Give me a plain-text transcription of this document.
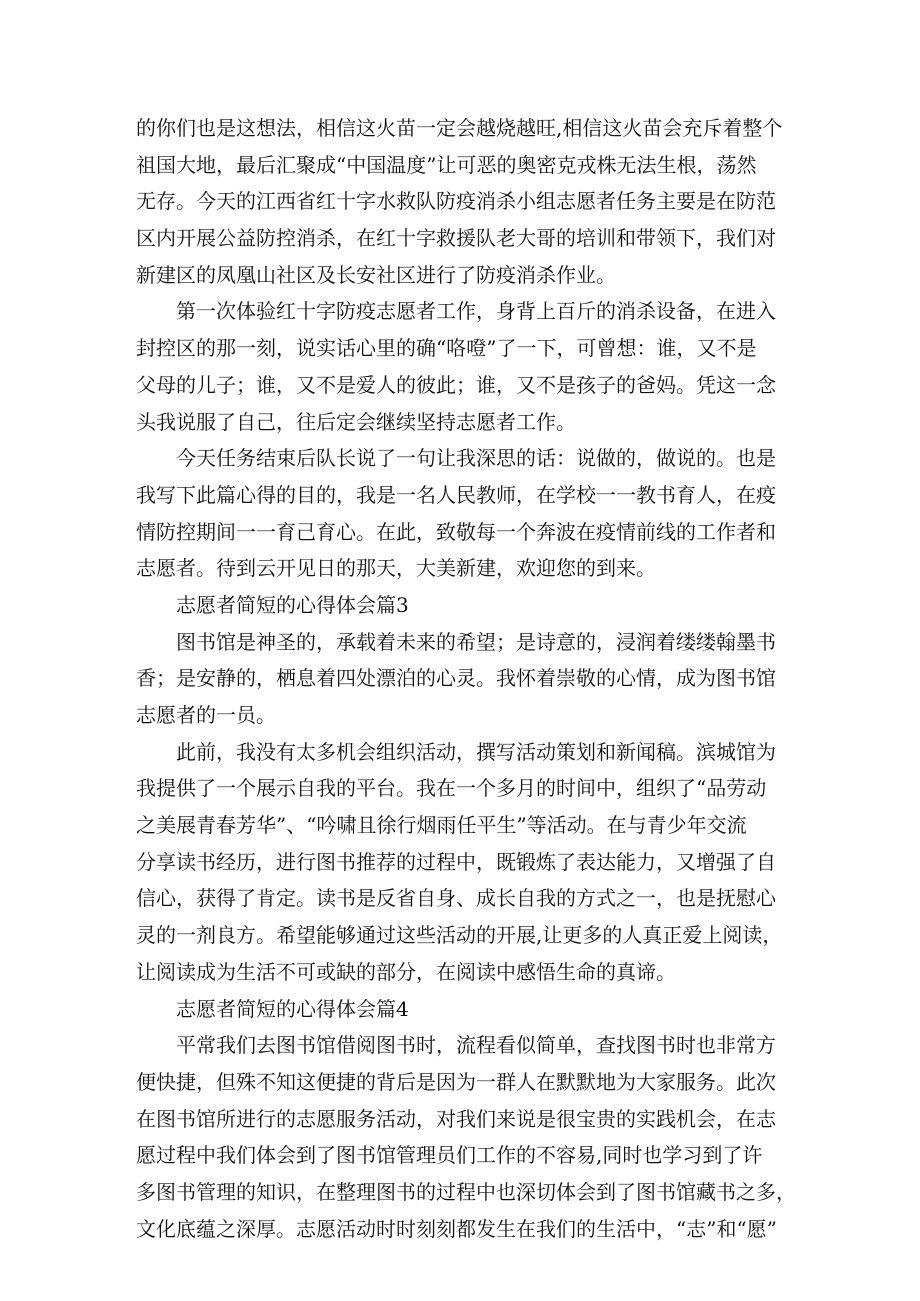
的你们也是这想法，相信这火苗一定会越烧越旺,相信这火苗会充斥着整个
祖国大地，最后汇聚成“中国温度”让可恶的奥密克戎株无法生根，荡然
无存。今天的江西省红十字水救队防疫消杀小组志愿者任务主要是在防范
区内开展公益防控消杀，在红十字救援队老大哥的培训和带领下，我们对
新建区的凤凰山社区及长安社区进行了防疫消杀作业。
第一次体验红十字防疫志愿者工作，身背上百斤的消杀设备，在进入
封控区的那一刻，说实话心里的确“咯噔”了一下，可曾想：谁，又不是
父母的儿子；谁，又不是爱人的彼此；谁，又不是孩子的爸妈。凭这一念
头我说服了自己，往后定会继续坚持志愿者工作。
今天任务结束后队长说了一句让我深思的话：说做的，做说的。也是
我写下此篇心得的目的，我是一名人民教师，在学校一一教书育人，在疫
情防控期间一一育己育心。在此，致敬每一个奔波在疫情前线的工作者和
志愿者。待到云开见日的那天，大美新建，欢迎您的到来。
志愿者简短的心得体会篇3
图书馆是神圣的，承载着未来的希望；是诗意的，浸润着缕缕翰墨书
香；是安静的，栖息着四处漂泊的心灵。我怀着崇敬的心情，成为图书馆
志愿者的一员。
此前，我没有太多机会组织活动，撰写活动策划和新闻稿。滨城馆为
我提供了一个展示自我的平台。我在一个多月的时间中，组织了“品劳动
之美展青春芳华”、“吟啸且徐行烟雨任平生”等活动。在与青少年交流
分享读书经历，进行图书推荐的过程中，既锻炼了表达能力，又增强了自
信心，获得了肯定。读书是反省自身、成长自我的方式之一，也是抚慰心
灵的一剂良方。希望能够通过这些活动的开展,让更多的人真正爱上阅读，
让阅读成为生活不可或缺的部分，在阅读中感悟生命的真谛。
志愿者简短的心得体会篇4
平常我们去图书馆借阅图书时，流程看似简单，查找图书时也非常方
便快捷，但殊不知这便捷的背后是因为一群人在默默地为大家服务。此次
在图书馆所进行的志愿服务活动，对我们来说是很宝贵的实践机会，在志
愿过程中我们体会到了图书馆管理员们工作的不容易,同时也学习到了许
多图书管理的知识，在整理图书的过程中也深切体会到了图书馆藏书之多，
文化底蕴之深厚。志愿活动时时刻刻都发生在我们的生活中，“志”和“愿”
